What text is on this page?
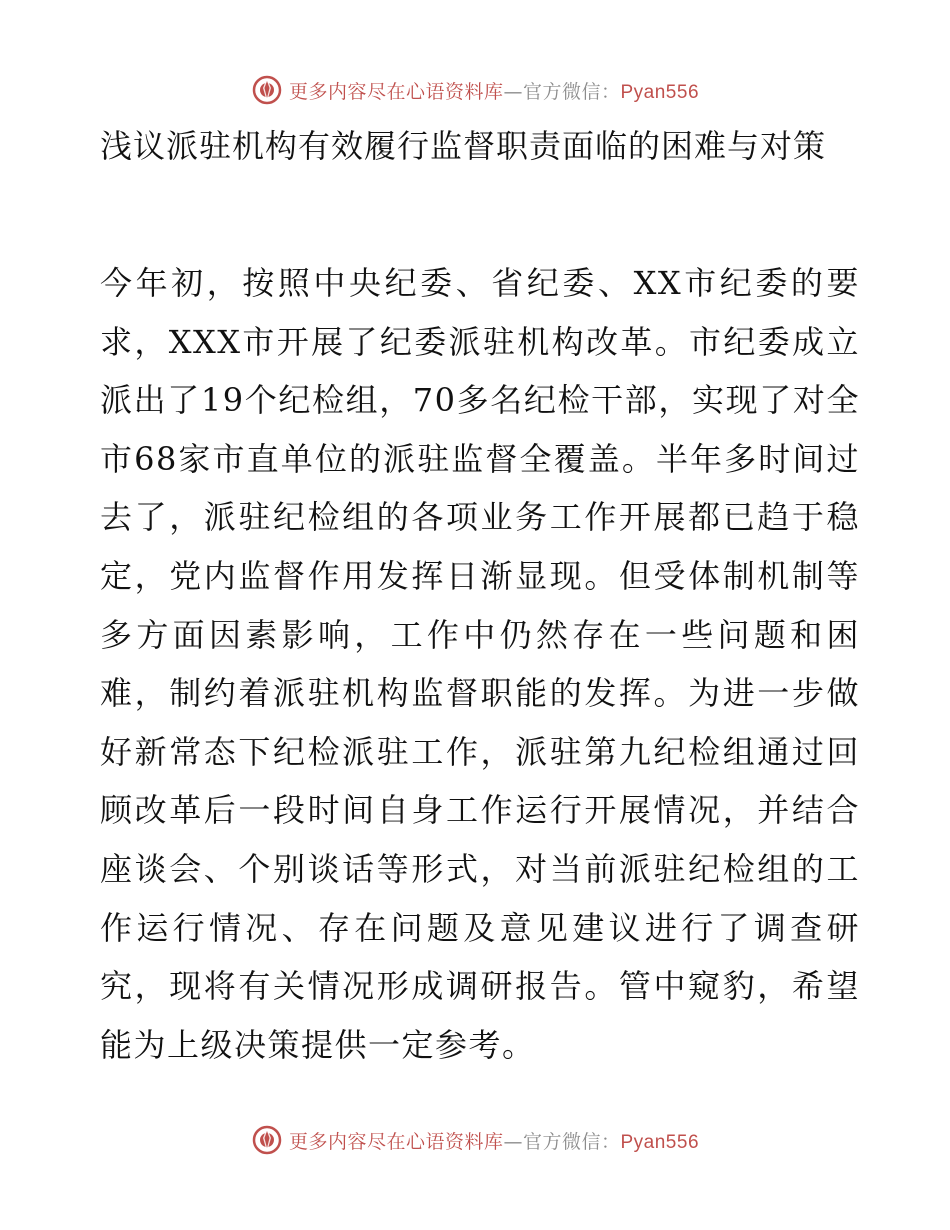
更多内容尽在心语资料库—官方微信：Pyan556
浅议派驻机构有效履行监督职责面临的困难与对策

今年初，按照中央纪委、省纪委、XX市纪委的要求，XXX市开展了纪委派驻机构改革。市纪委成立派出了19个纪检组，70多名纪检干部，实现了对全市68家市直单位的派驻监督全覆盖。半年多时间过去了，派驻纪检组的各项业务工作开展都已趋于稳定，党内监督作用发挥日渐显现。但受体制机制等多方面因素影响，工作中仍然存在一些问题和困难，制约着派驻机构监督职能的发挥。为进一步做好新常态下纪检派驻工作，派驻第九纪检组通过回顾改革后一段时间自身工作运行开展情况，并结合座谈会、个别谈话等形式，对当前派驻纪检组的工作运行情况、存在问题及意见建议进行了调查研究，现将有关情况形成调研报告。管中窥豹，希望能为上级决策提供一定参考。

更多内容尽在心语资料库—官方微信：Pyan556
